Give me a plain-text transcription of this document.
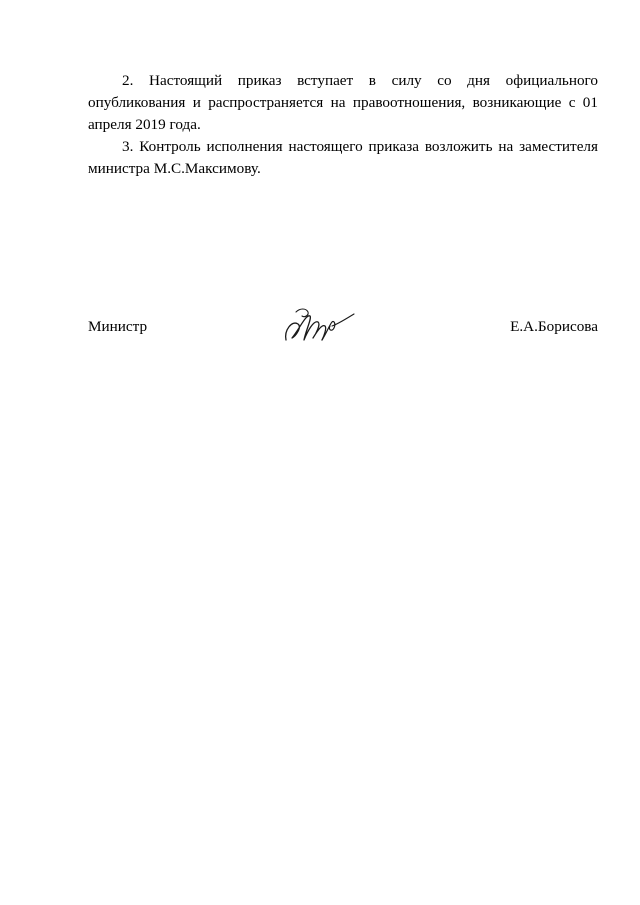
2. Настоящий приказ вступает в силу со дня официального опубликования и распространяется на правоотношения, возникающие с 01 апреля 2019 года.

3. Контроль исполнения настоящего приказа возложить на заместителя министра М.С.Максимову.

Министр	Е.А.Борисова
